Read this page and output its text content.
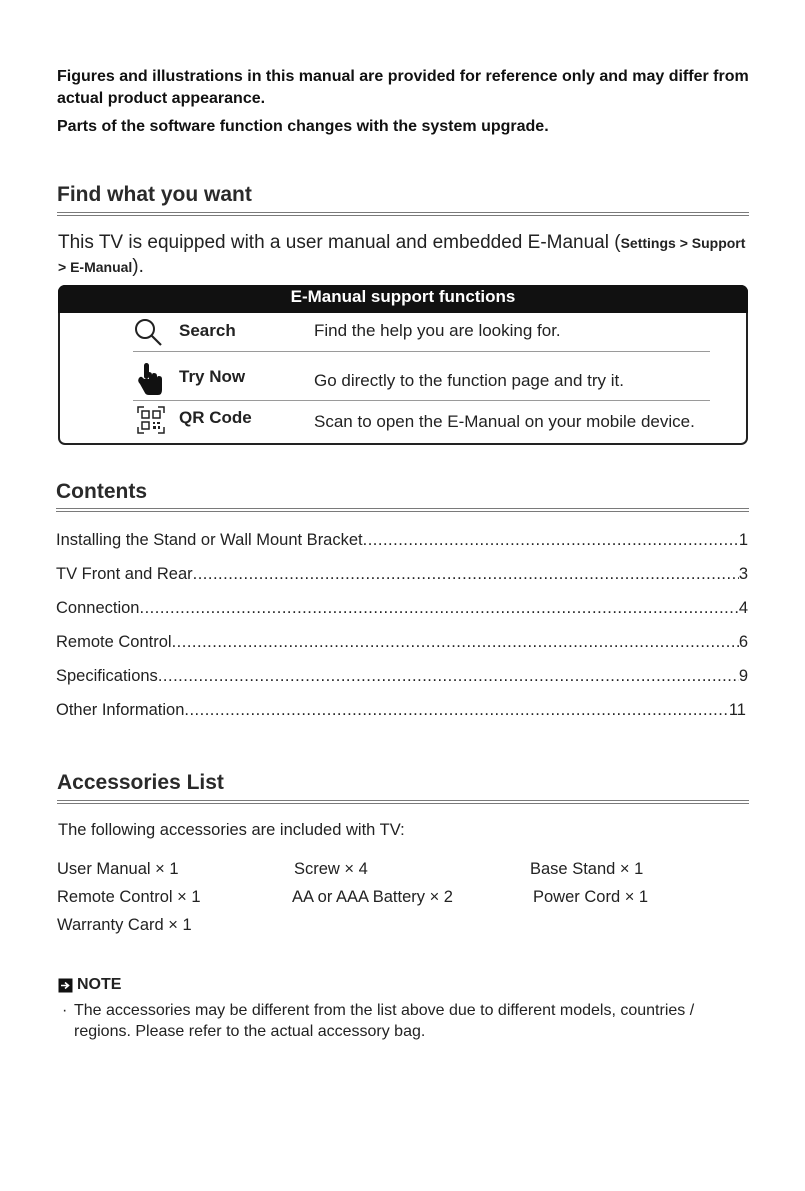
Figures and illustrations in this manual are provided for reference only and may differ from actual product appearance.
Parts of the software function changes with the system upgrade.
Find what you want
This TV is equipped with a user manual and embedded E-Manual (Settings > Support > E-Manual).
E-Manual support functions
Search	Find the help you are looking for.
Try Now	Go directly to the function page and try it.
QR Code	Scan to open the E-Manual on your mobile device.
Contents
Installing the Stand or Wall Mount Bracket .....	1
TV Front and Rear .....	3
Connection .....	4
Remote Control .....	6
Specifications .....	9
Other Information .....	11
Accessories List
The following accessories are included with TV:
User Manual × 1	Screw × 4	Base Stand × 1
Remote Control × 1	AA or AAA Battery × 2	Power Cord × 1
Warranty Card × 1
NOTE
· The accessories may be different from the list above due to different models, countries / regions. Please refer to the actual accessory bag.
